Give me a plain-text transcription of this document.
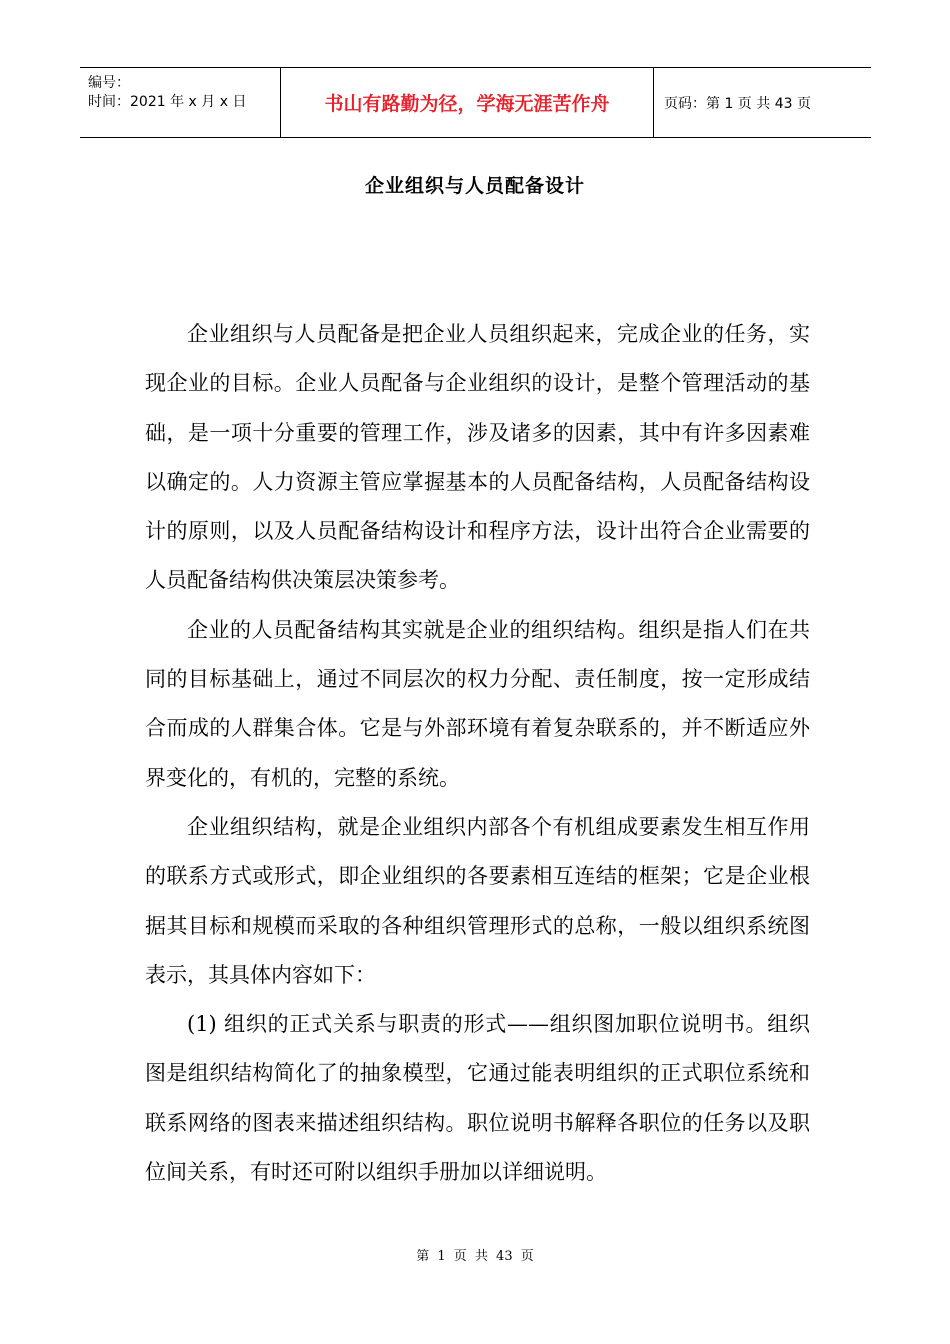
编号：
时间：2021 年 x 月 x 日	书山有路勤为径，学海无涯苦作舟	页码：第 1 页 共 43 页
企业组织与人员配备设计

企业组织与人员配备是把企业人员组织起来，完成企业的任务，实现企业的目标。企业人员配备与企业组织的设计，是整个管理活动的基础，是一项十分重要的管理工作，涉及诸多的因素，其中有许多因素难以确定的。人力资源主管应掌握基本的人员配备结构，人员配备结构设计的原则，以及人员配备结构设计和程序方法，设计出符合企业需要的人员配备结构供决策层决策参考。

企业的人员配备结构其实就是企业的组织结构。组织是指人们在共同的目标基础上，通过不同层次的权力分配、责任制度，按一定形成结合而成的人群集合体。它是与外部环境有着复杂联系的，并不断适应外界变化的，有机的，完整的系统。

企业组织结构，就是企业组织内部各个有机组成要素发生相互作用的联系方式或形式，即企业组织的各要素相互连结的框架；它是企业根据其目标和规模而采取的各种组织管理形式的总称，一般以组织系统图表示，其具体内容如下：

(1) 组织的正式关系与职责的形式——组织图加职位说明书。组织图是组织结构简化了的抽象模型，它通过能表明组织的正式职位系统和联系网络的图表来描述组织结构。职位说明书解释各职位的任务以及职位间关系，有时还可附以组织手册加以详细说明。

第 1 页 共 43 页
